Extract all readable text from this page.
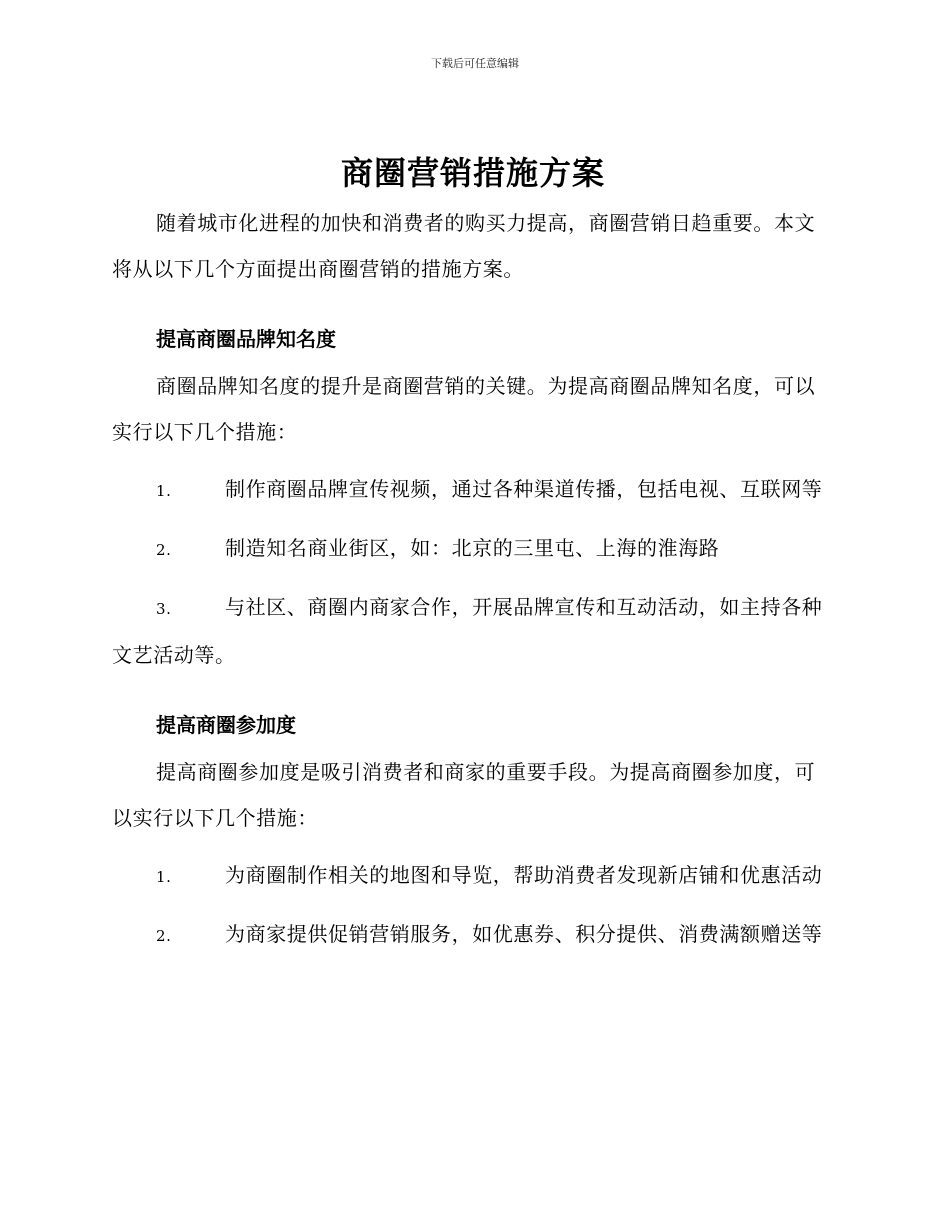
下载后可任意编辑
商圈营销措施方案

随着城市化进程的加快和消费者的购买力提高，商圈营销日趋重要。本文将从以下几个方面提出商圈营销的措施方案。

提高商圈品牌知名度

商圈品牌知名度的提升是商圈营销的关键。为提高商圈品牌知名度，可以实行以下几个措施：

1.	制作商圈品牌宣传视频，通过各种渠道传播，包括电视、互联网等

2.	制造知名商业街区，如：北京的三里屯、上海的淮海路

3.	与社区、商圈内商家合作，开展品牌宣传和互动活动，如主持各种文艺活动等。

提高商圈参加度

提高商圈参加度是吸引消费者和商家的重要手段。为提高商圈参加度，可以实行以下几个措施：

1.	为商圈制作相关的地图和导览，帮助消费者发现新店铺和优惠活动

2.	为商家提供促销营销服务，如优惠券、积分提供、消费满额赠送等
